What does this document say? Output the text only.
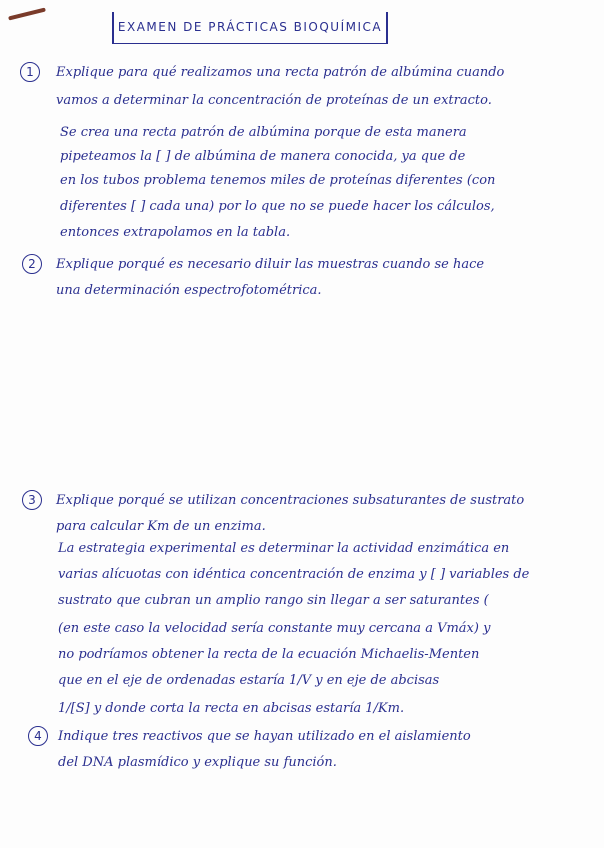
EXAMEN DE PRÁCTICAS BIOQUÍMICA
1	Explique para qué realizamos una recta patrón de albúmina cuando
vamos a determinar la concentración de proteínas de un extracto.
Se crea una recta patrón de albúmina porque de esta manera
pipeteamos la [ ] de albúmina de manera conocida, ya que de
en los tubos problema tenemos miles de proteínas diferentes (con
diferentes [ ] cada una) por lo que no se puede hacer los cálculos,
entonces extrapolamos en la tabla.
2	Explique porqué es necesario diluir las muestras cuando se hace
una determinación espectrofotométrica.
3	Explique porqué se utilizan concentraciones subsaturantes de sustrato
para calcular Km de un enzima.
La estrategia experimental es determinar la actividad enzimática en
varias alícuotas con idéntica concentración de enzima y [ ] variables de
sustrato que cubran un amplio rango sin llegar a ser saturantes (
(en este caso la velocidad sería constante muy cercana a Vmáx) y
no podríamos obtener la recta de la ecuación Michaelis-Menten
que en el eje de ordenadas estaría 1/V y en eje de abcisas
1/[S] y donde corta la recta en abcisas estaría 1/Km.
4	Indique tres reactivos que se hayan utilizado en el aislamiento
del DNA plasmídico y explique su función.
